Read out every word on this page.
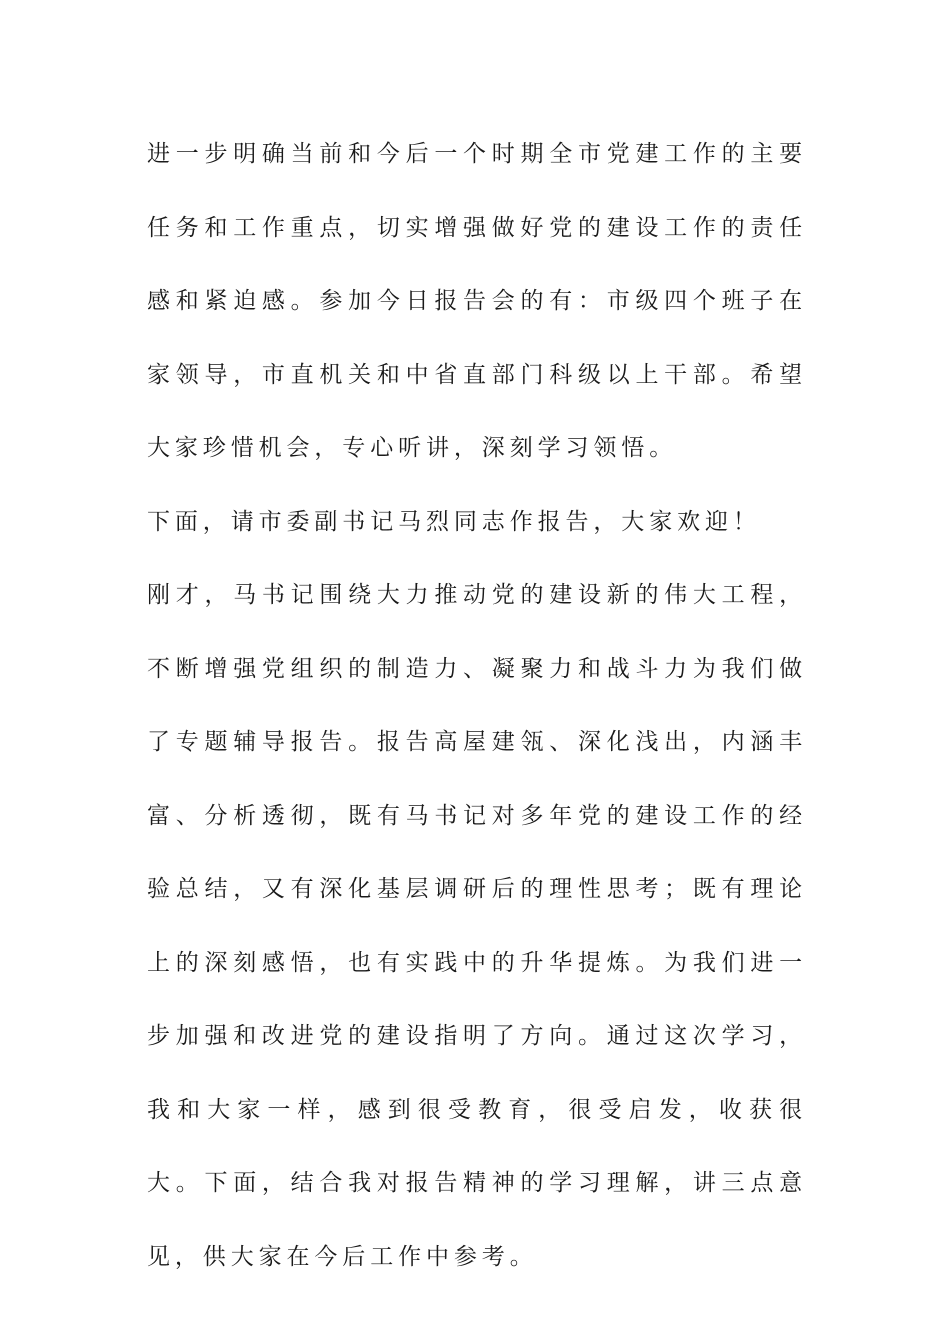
进一步明确当前和今后一个时期全市党建工作的主要任务和工作重点，切实增强做好党的建设工作的责任感和紧迫感。参加今日报告会的有：市级四个班子在家领导，市直机关和中省直部门科级以上干部。希望大家珍惜机会，专心听讲，深刻学习领悟。

下面，请市委副书记马烈同志作报告，大家欢迎！

刚才，马书记围绕大力推动党的建设新的伟大工程，不断增强党组织的制造力、凝聚力和战斗力为我们做了专题辅导报告。报告高屋建瓴、深化浅出，内涵丰富、分析透彻，既有马书记对多年党的建设工作的经验总结，又有深化基层调研后的理性思考；既有理论上的深刻感悟，也有实践中的升华提炼。为我们进一步加强和改进党的建设指明了方向。通过这次学习，我和大家一样，感到很受教育，很受启发，收获很大。下面，结合我对报告精神的学习理解，讲三点意见，供大家在今后工作中参考。
